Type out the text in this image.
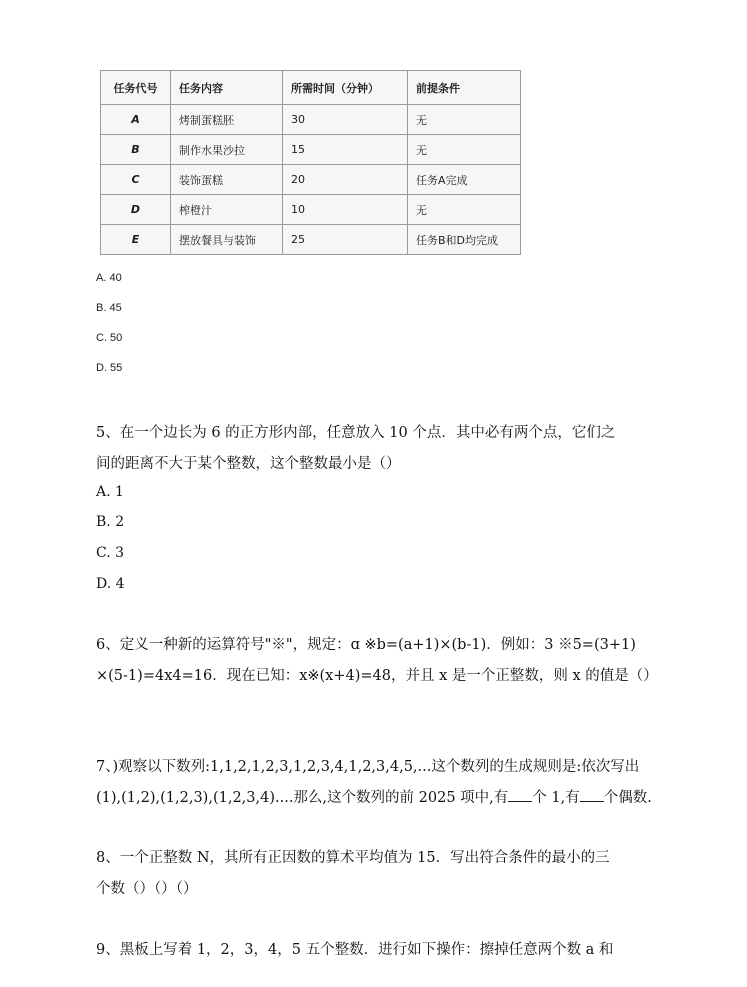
任务代号	任务内容	所需时间（分钟）	前提条件
A	烤制蛋糕胚	30	无
B	制作水果沙拉	15	无
C	装饰蛋糕	20	任务A完成
D	榨橙汁	10	无
E	摆放餐具与装饰	25	任务B和D均完成
A. 40
B. 45
C. 50
D. 55
5、在一个边长为 6 的正方形内部，任意放入 10 个点．其中必有两个点，它们之
间的距离不大于某个整数，这个整数最小是（）
A. 1
B. 2
C. 3
D. 4
6、定义一种新的运算符号"※"，规定：ɑ ※b=(a+1)×(b-1)．例如：3 ※5=(3+1)
×(5-1)=4x4=16．现在已知：x※(x+4)=48，并且 x 是一个正整数，则 x 的值是（）
7、)观察以下数列:1,1,2,1,2,3,1,2,3,4,1,2,3,4,5,...这个数列的生成规则是:依次写出
(1),(1,2),(1,2,3),(1,2,3,4)....那么,这个数列的前 2025 项中,有 个 1,有 个偶数.
8、一个正整数 N，其所有正因数的算术平均值为 15．写出符合条件的最小的三
个数（）（）（）
9、黑板上写着 1，2，3，4，5 五个整数．进行如下操作：擦掉任意两个数 a 和
